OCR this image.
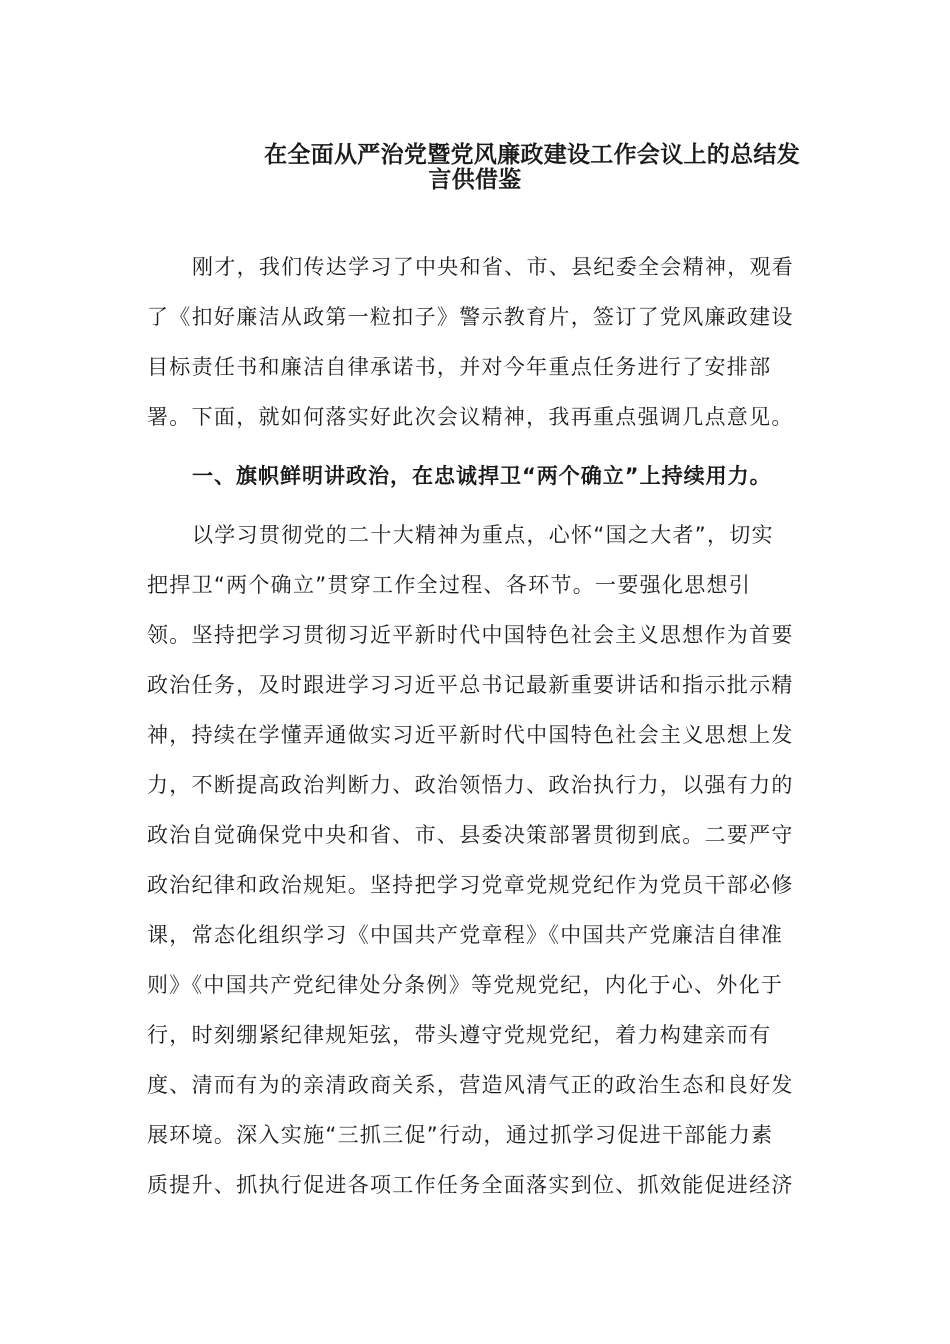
在全面从严治党暨党风廉政建设工作会议上的总结发
言供借鉴
刚才，我们传达学习了中央和省、市、县纪委全会精神，观看
了《扣好廉洁从政第一粒扣子》警示教育片，签订了党风廉政建设
目标责任书和廉洁自律承诺书，并对今年重点任务进行了安排部
署。下面，就如何落实好此次会议精神，我再重点强调几点意见。
一、旗帜鲜明讲政治，在忠诚捍卫“两个确立”上持续用力。
以学习贯彻党的二十大精神为重点，心怀“国之大者”，切实
把捍卫“两个确立”贯穿工作全过程、各环节。一要强化思想引
领。坚持把学习贯彻习近平新时代中国特色社会主义思想作为首要
政治任务，及时跟进学习习近平总书记最新重要讲话和指示批示精
神，持续在学懂弄通做实习近平新时代中国特色社会主义思想上发
力，不断提高政治判断力、政治领悟力、政治执行力，以强有力的
政治自觉确保党中央和省、市、县委决策部署贯彻到底。二要严守
政治纪律和政治规矩。坚持把学习党章党规党纪作为党员干部必修
课，常态化组织学习《中国共产党章程》《中国共产党廉洁自律准
则》《中国共产党纪律处分条例》等党规党纪，内化于心、外化于
行，时刻绷紧纪律规矩弦，带头遵守党规党纪，着力构建亲而有
度、清而有为的亲清政商关系，营造风清气正的政治生态和良好发
展环境。深入实施“三抓三促”行动，通过抓学习促进干部能力素
质提升、抓执行促进各项工作任务全面落实到位、抓效能促进经济
